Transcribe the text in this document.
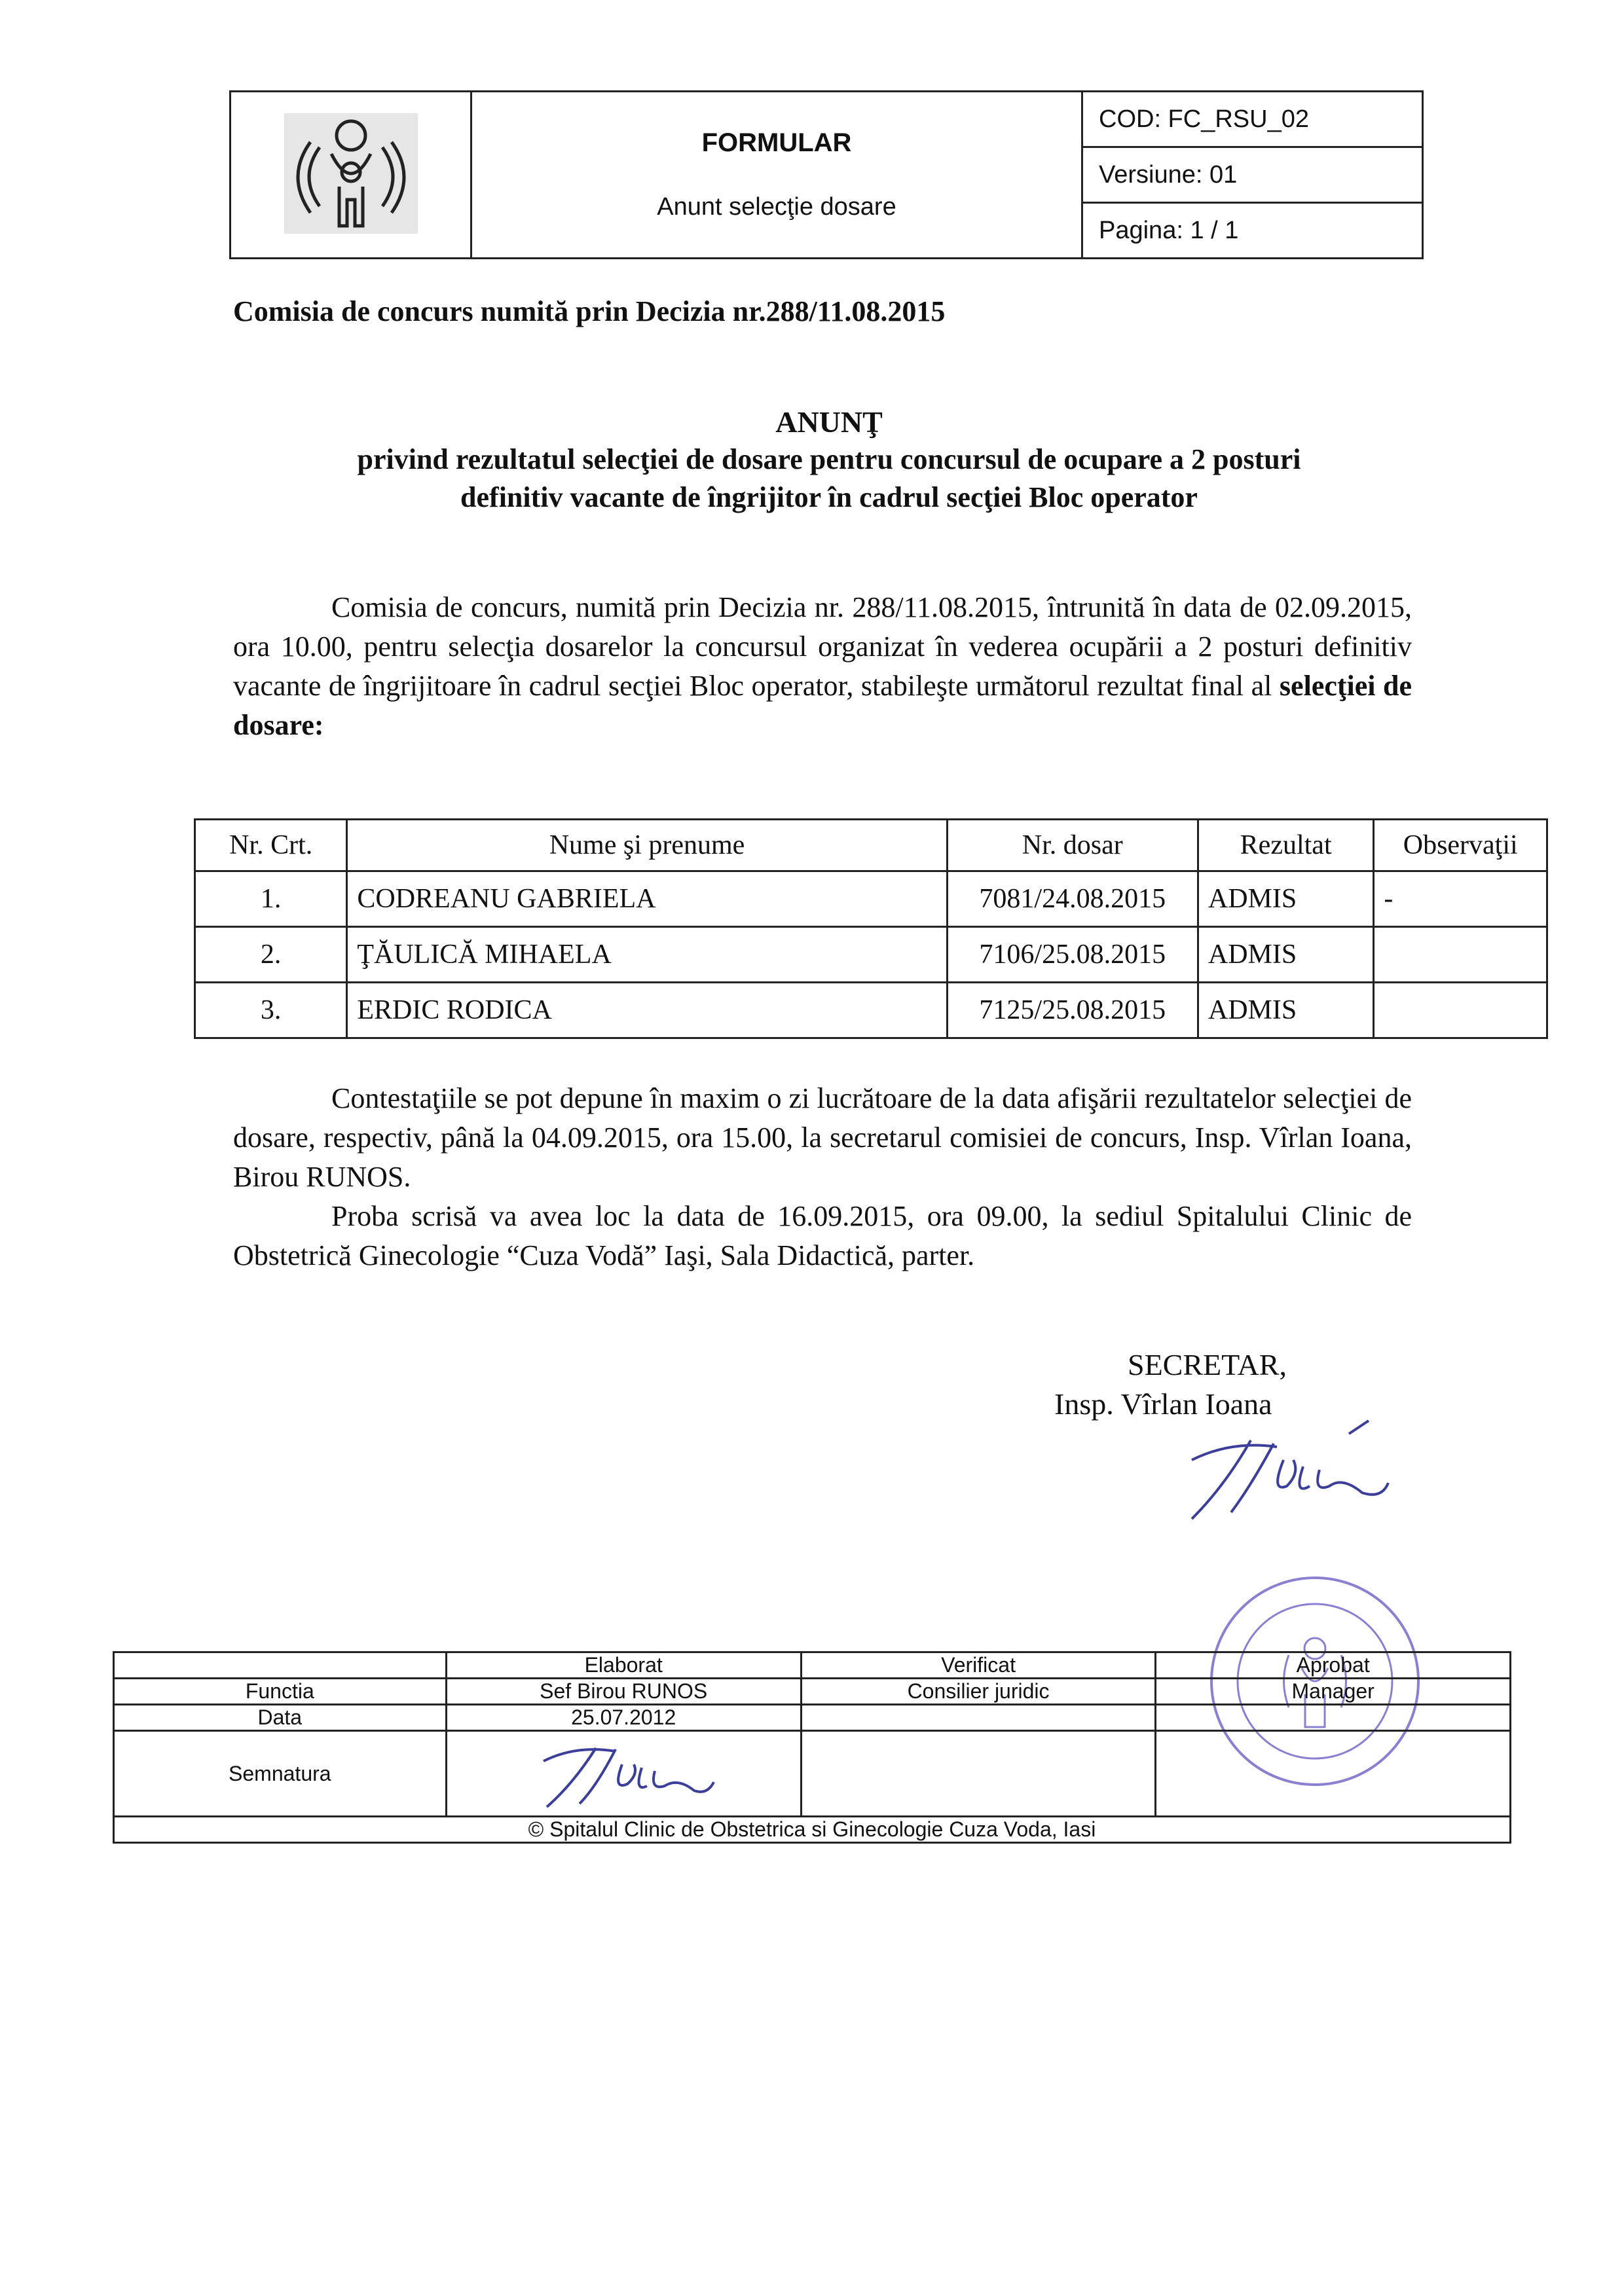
FORMULAR
Anunt selecţie dosare
	COD: FC_RSU_02
Versiune: 01
Pagina: 1 / 1
Comisia de concurs numită prin Decizia nr.288/11.08.2015
ANUNŢ
privind rezultatul selecţiei de dosare pentru concursul de ocupare a 2 posturi
definitiv vacante de îngrijitor în cadrul secţiei Bloc operator
Comisia de concurs, numită prin Decizia nr. 288/11.08.2015, întrunită în data de 02.09.2015, ora 10.00, pentru selecţia dosarelor la concursul organizat în vederea ocupării a 2 posturi definitiv vacante de îngrijitoare în cadrul secţiei Bloc operator, stabileşte următorul rezultat final al selecţiei de dosare:
Nr. Crt.	Nume şi prenume	Nr. dosar	Rezultat	Observaţii
1.	CODREANU GABRIELA	7081/24.08.2015	ADMIS	-
2.	ŢĂULICĂ MIHAELA	7106/25.08.2015	ADMIS	
3.	ERDIC RODICA	7125/25.08.2015	ADMIS	
Contestaţiile se pot depune în maxim o zi lucrătoare de la data afişării rezultatelor selecţiei de dosare, respectiv, până la 04.09.2015, ora 15.00, la secretarul comisiei de concurs, Insp. Vîrlan Ioana, Birou RUNOS.
Proba scrisă va avea loc la data de 16.09.2015, ora 09.00, la sediul Spitalului Clinic de Obstetrică Ginecologie “Cuza Vodă” Iaşi, Sala Didactică, parter.
SECRETAR,
Insp. Vîrlan Ioana
	Elaborat	Verificat	Aprobat
Functia	Sef Birou RUNOS	Consilier juridic	Manager
Data	25.07.2012		
Semnatura			
© Spitalul Clinic de Obstetrica si Ginecologie Cuza Voda, Iasi			
